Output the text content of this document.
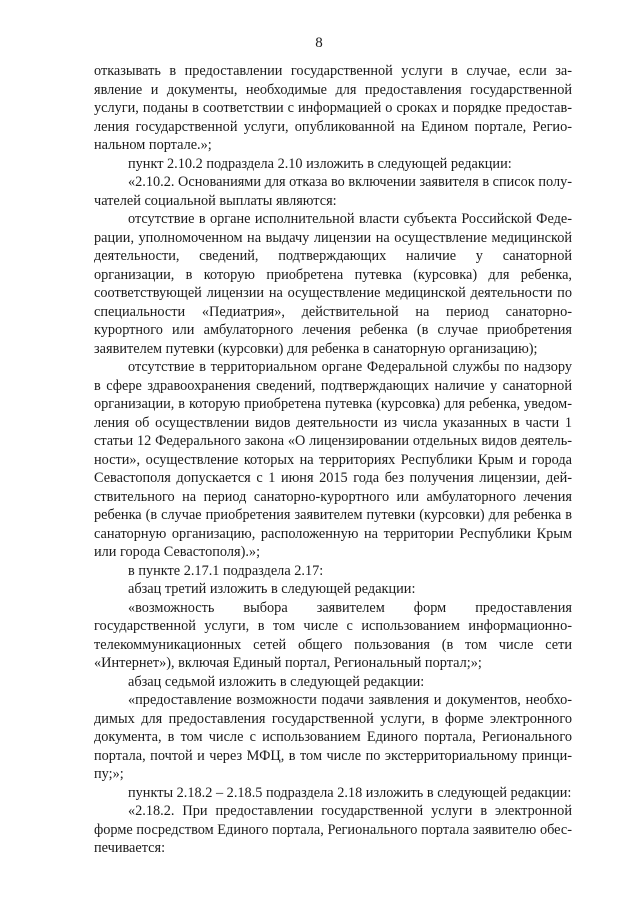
8

отказывать в предоставлении государственной услуги в случае, если заявление и документы, необходимые для предоставления государственной услуги, поданы в соответствии с информацией о сроках и порядке предоставления государственной услуги, опубликованной на Едином портале, Региональном портале.»;

пункт 2.10.2 подраздела 2.10 изложить в следующей редакции:

«2.10.2. Основаниями для отказа во включении заявителя в список получателей социальной выплаты являются:

отсутствие в органе исполнительной власти субъекта Российской Федерации, уполномоченном на выдачу лицензии на осуществление медицинской деятельности, сведений, подтверждающих наличие у санаторной организации, в которую приобретена путевка (курсовка) для ребенка, соответствующей лицензии на осуществление медицинской деятельности по специальности «Педиатрия», действительной на период санаторно-курортного или амбулаторного лечения ребенка (в случае приобретения заявителем путевки (курсовки) для ребенка в санаторную организацию);

отсутствие в территориальном органе Федеральной службы по надзору в сфере здравоохранения сведений, подтверждающих наличие у санаторной организации, в которую приобретена путевка (курсовка) для ребенка, уведомления об осуществлении видов деятельности из числа указанных в части 1 статьи 12 Федерального закона «О лицензировании отдельных видов деятельности», осуществление которых на территориях Республики Крым и города Севастополя допускается с 1 июня 2015 года без получения лицензии, действительного на период санаторно-курортного или амбулаторного лечения ребенка (в случае приобретения заявителем путевки (курсовки) для ребенка в санаторную организацию, расположенную на территории Республики Крым или города Севастополя).»;

в пункте 2.17.1 подраздела 2.17:

абзац третий изложить в следующей редакции:

«возможность выбора заявителем форм предоставления государственной услуги, в том числе с использованием информационно-телекоммуникационных сетей общего пользования (в том числе сети «Интернет»), включая Единый портал, Региональный портал;»;

абзац седьмой изложить в следующей редакции:

«предоставление возможности подачи заявления и документов, необходимых для предоставления государственной услуги, в форме электронного документа, в том числе с использованием Единого портала, Регионального портала, почтой и через МФЦ, в том числе по экстерриториальному принципу;»;

пункты 2.18.2 – 2.18.5 подраздела 2.18 изложить в следующей редакции:

«2.18.2. При предоставлении государственной услуги в электронной форме посредством Единого портала, Регионального портала заявителю обеспечивается:
